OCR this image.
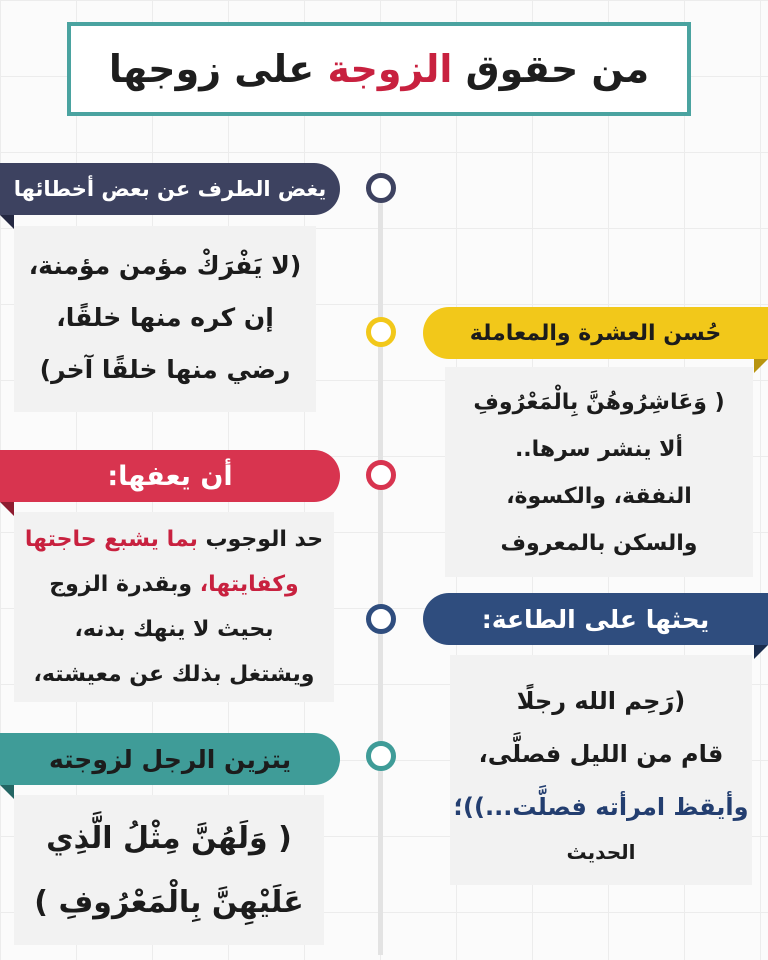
من حقوق

الزوجة

على زوجها
يغض الطرف عن بعض أخطائها

(لا يَفْرَكْ مؤمن مؤمنة،

إن كره منها خلقًا،

رضي منها خلقًا آخر)

حُسن العشرة والمعاملة

( وَعَاشِرُوهُنَّ بِالْمَعْرُوفِ

ألا ينشر سرها..

النفقة، والكسوة،

والسكن بالمعروف

أن يعفها:

حد الوجوب بما يشبع حاجتها

وكفايتها، وبقدرة الزوج

بحيث لا ينهك بدنه،

ويشتغل بذلك عن معيشته،

يحثها على الطاعة:

(رَحِم الله رجلًا

قام من الليل فصلَّى،

وأيقظ امرأته فصلَّت...))؛

الحديث

يتزين الرجل لزوجته

( وَلَهُنَّ مِثْلُ الَّذِي

عَلَيْهِنَّ بِالْمَعْرُوفِ )
